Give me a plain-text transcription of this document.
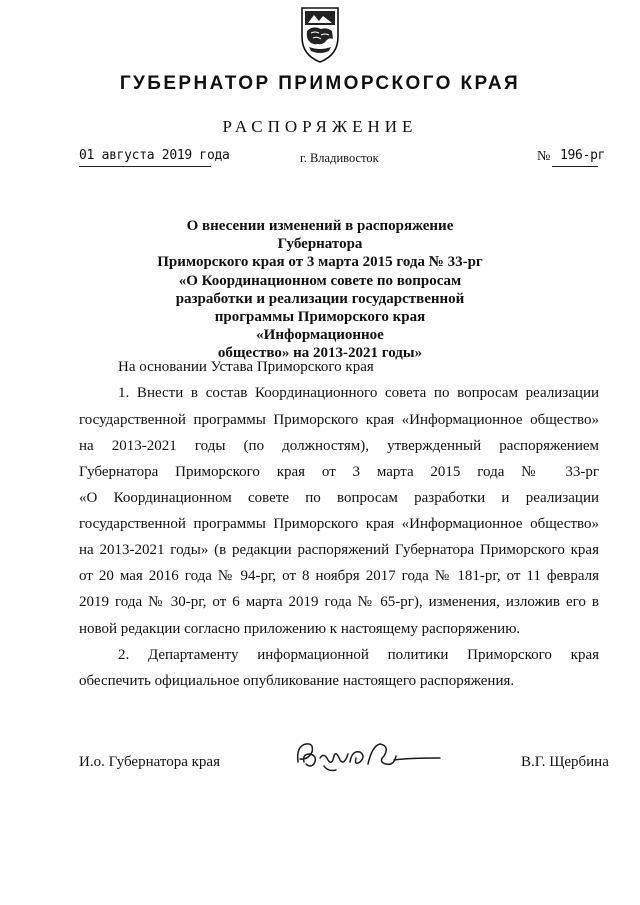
ГУБЕРНАТОР ПРИМОРСКОГО КРАЯ
РАСПОРЯЖЕНИЕ
01 августа 2019 года	г. Владивосток	№ 196-рг
О внесении изменений в распоряжение Губернатора
Приморского края от 3 марта 2015 года № 33-рг
«О Координационном совете по вопросам
разработки и реализации государственной
программы Приморского края «Информационное
общество» на 2013-2021 годы»
На основании Устава Приморского края
1. Внести в состав Координационного совета по вопросам реализации
государственной программы Приморского края «Информационное общество»
на 2013-2021 годы (по должностям), утвержденный распоряжением
Губернатора Приморского края от 3 марта 2015 года № 33-рг
«О Координационном совете по вопросам разработки и реализации
государственной программы Приморского края «Информационное общество»
на 2013-2021 годы» (в редакции распоряжений Губернатора Приморского края
от 20 мая 2016 года № 94-рг, от 8 ноября 2017 года № 181-рг, от 11 февраля
2019 года № 30-рг, от 6 марта 2019 года № 65-рг), изменения, изложив его в
новой редакции согласно приложению к настоящему распоряжению.
2. Департаменту информационной политики Приморского края
обеспечить официальное опубликование настоящего распоряжения.
И.о. Губернатора края	В.Г. Щербина
